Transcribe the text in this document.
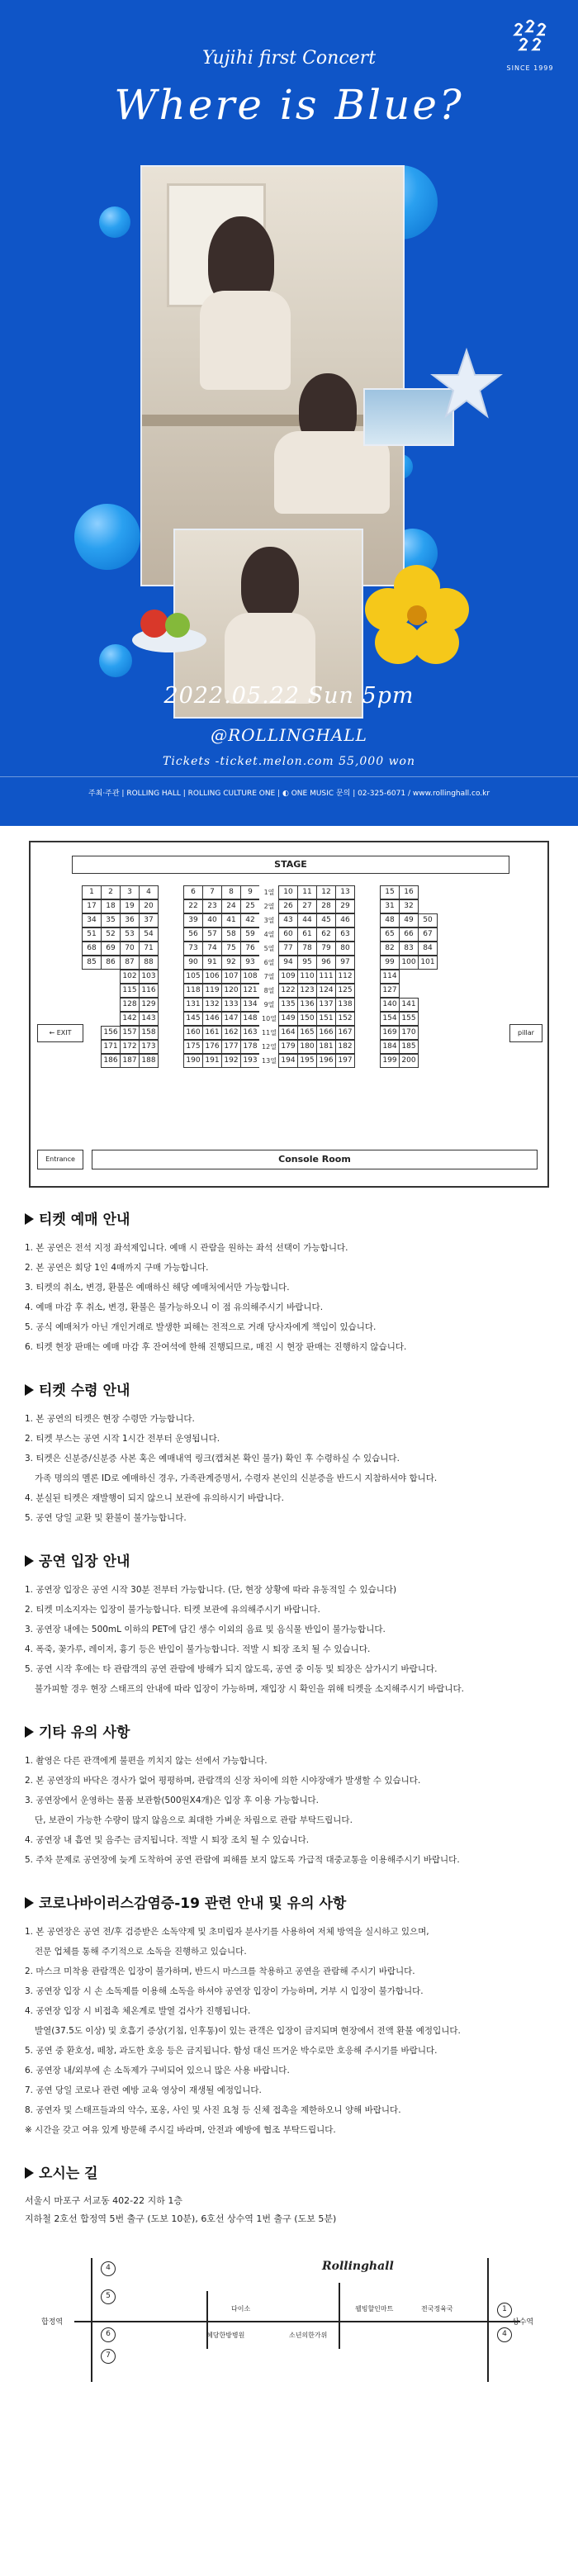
SINCE 1999
Yujihi first Concert
Where is Blue?
2022.05.22 Sun 5pm
@ROLLINGHALL
Tickets -ticket.melon.com 55,000 won
주최·주관 | ROLLING HALL | ROLLING CULTURE ONE | ◐ ONE MUSIC 문의 | 02-325-6071 / www.rollinghall.co.kr
STAGE
1	2	3	4	6	7	8	9	1열	10	11	12	13	15	16
17	18	19	20	22	23	24	25	2열	26	27	28	29	31	32
34	35	36	37	39	40	41	42	3열	43	44	45	46	48	49	50
51	52	53	54	56	57	58	59	4열	60	61	62	63	65	66	67
68	69	70	71	73	74	75	76	5열	77	78	79	80	82	83	84
85	86	87	88	90	91	92	93	6열	94	95	96	97	99 100 101
102 103	105 106 107 108 7열 109 110 111 112	114
115 116	118 119 120 121 8열 122 123 124 125	127
128 129	131 132 133 134 9열 135 136 137 138	140 141
142 143	145 146 147 148 10열 149 150 151 152	154 155
156 157 158	160 161 162 163 11열 164 165 166 167	169 170
171 172 173	175 176 177 178 12열 179 180 181 182	184 185
186 187 188	190 191 192 193 13열 194 195 196 197	199 200
← EXIT	pillar
Entrance	Console Room
티켓 예매 안내

1. 본 공연은 전석 지정 좌석제입니다. 예매 시 관람을 원하는 좌석 선택이 가능합니다.

2. 본 공연은 회당 1인 4매까지 구매 가능합니다.

3. 티켓의 취소, 변경, 환불은 예매하신 해당 예매처에서만 가능합니다.

4. 예매 마감 후 취소, 변경, 환불은 불가능하오니 이 점 유의해주시기 바랍니다.

5. 공식 예매처가 아닌 개인거래로 발생한 피해는 전적으로 거래 당사자에게 책임이 있습니다.

6. 티켓 현장 판매는 예매 마감 후 잔여석에 한해 진행되므로, 매진 시 현장 판매는 진행하지 않습니다.

티켓 수령 안내

1. 본 공연의 티켓은 현장 수령만 가능합니다.

2. 티켓 부스는 공연 시작 1시간 전부터 운영됩니다.

3. 티켓은 신분증/신분증 사본 혹은 예매내역 링크(캡쳐본 확인 불가) 확인 후 수령하실 수 있습니다.

가족 명의의 멜론 ID로 예매하신 경우, 가족관계증명서, 수령자 본인의 신분증을 반드시 지참하셔야 합니다.

4. 분실된 티켓은 재발행이 되지 않으니 보관에 유의하시기 바랍니다.

5. 공연 당일 교환 및 환불이 불가능합니다.

공연 입장 안내

1. 공연장 입장은 공연 시작 30분 전부터 가능합니다. (단, 현장 상황에 따라 유동적일 수 있습니다)

2. 티켓 미소지자는 입장이 불가능합니다. 티켓 보관에 유의해주시기 바랍니다.

3. 공연장 내에는 500mL 이하의 PET에 담긴 생수 이외의 음료 및 음식물 반입이 불가능합니다.

4. 폭죽, 꽃가루, 레이저, 흉기 등은 반입이 불가능합니다. 적발 시 퇴장 조치 될 수 있습니다.

5. 공연 시작 후에는 타 관람객의 공연 관람에 방해가 되지 않도록, 공연 중 이동 및 퇴장은 삼가시기 바랍니다.

불가피할 경우 현장 스태프의 안내에 따라 입장이 가능하며, 재입장 시 확인을 위해 티켓을 소지해주시기 바랍니다.

기타 유의 사항

1. 촬영은 다른 관객에게 불편을 끼치지 않는 선에서 가능합니다.

2. 본 공연장의 바닥은 경사가 없어 평평하며, 관람객의 신장 차이에 의한 시야장애가 발생할 수 있습니다.

3. 공연장에서 운영하는 물품 보관함(500원X4개)은 입장 후 이용 가능합니다.

단, 보관이 가능한 수량이 많지 않음으로 최대한 가벼운 차림으로 관람 부탁드립니다.

4. 공연장 내 흡연 및 음주는 금지됩니다. 적발 시 퇴장 조치 될 수 있습니다.

5. 주차 문제로 공연장에 늦게 도착하여 공연 관람에 피해를 보지 않도록 가급적 대중교통을 이용해주시기 바랍니다.

코로나바이러스감염증-19 관련 안내 및 유의 사항

1. 본 공연장은 공연 전/후 검증받은 소독약제 및 초미립자 분사기를 사용하여 저체 방역을 실시하고 있으며,

전문 업체를 통해 주기적으로 소독을 진행하고 있습니다.

2. 마스크 미착용 관람객은 입장이 불가하며, 반드시 마스크를 착용하고 공연을 관람해 주시기 바랍니다.

3. 공연장 입장 시 손 소독제를 이용해 소독을 하셔야 공연장 입장이 가능하며, 거부 시 입장이 불가합니다.

4. 공연장 입장 시 비접촉 체온계로 발열 검사가 진행됩니다.

발열(37.5도 이상) 및 호흡기 증상(기침, 인후통)이 있는 관객은 입장이 금지되며 현장에서 전액 환불 예정입니다.

5. 공연 중 환호성, 떼창, 과도한 호응 등은 금지됩니다. 함성 대신 뜨거운 박수로만 호응해 주시기를 바랍니다.

6. 공연장 내/외부에 손 소독제가 구비되어 있으니 많은 사용 바랍니다.

7. 공연 당일 코로나 관련 예방 교육 영상이 재생될 예정입니다.

8. 공연자 및 스태프들과의 악수, 포옹, 사인 및 사진 요청 등 신체 접촉을 제한하오니 양해 바랍니다.

※ 시간을 갖고 여유 있게 방문해 주시길 바라며, 안전과 예방에 협조 부탁드립니다.

오시는 길

서울시 마포구 서교동 402-22 지하 1층

지하철 2호선 합정역 5번 출구 (도보 10분), 6호선 상수역 1번 출구 (도보 5분)

Rollinghall
합정역	상수역
다이소	웰빙할인마트	전국정육국
혜당한방병원	소년의한가위
4
5
6
7
1
4
